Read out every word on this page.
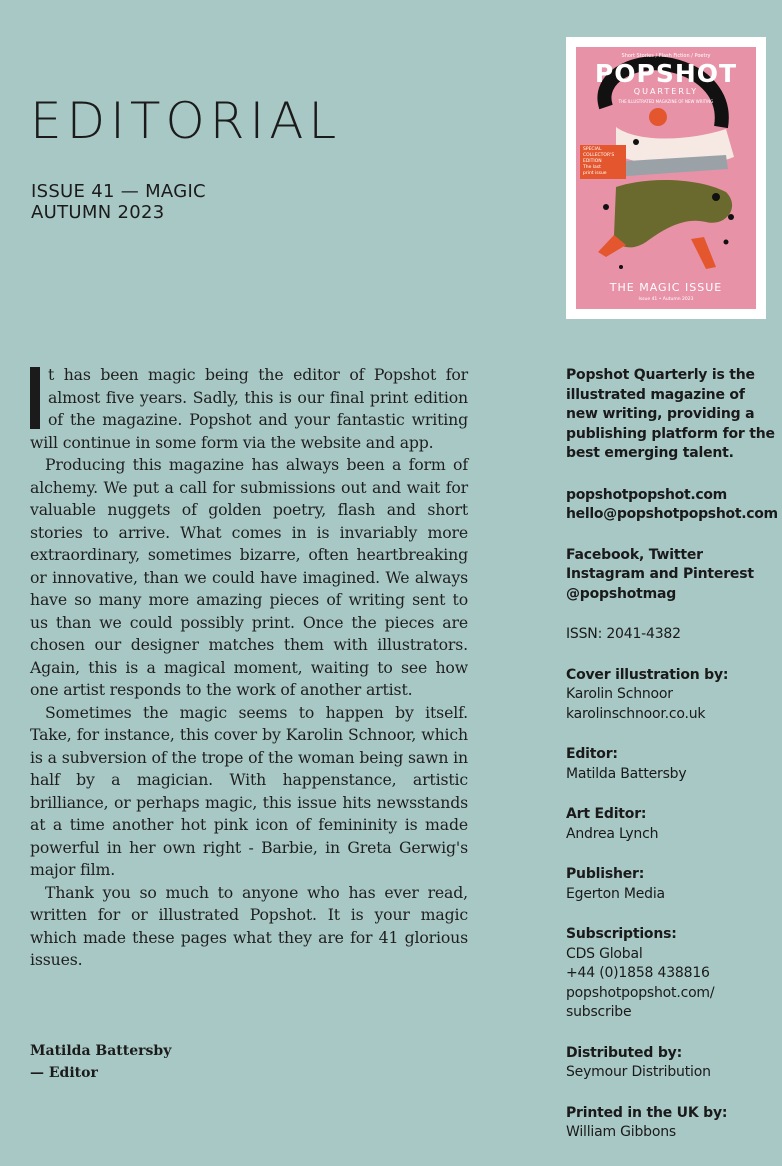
EDITORIAL
ISSUE 41 — MAGIC
AUTUMN 2023
Short Stories / Flash Fiction / Poetry
POPSHOT
QUARTERLY
THE ILLUSTRATED MAGAZINE OF NEW WRITING
SPECIAL
COLLECTOR'S
EDITION
The last
print issue
THE MAGIC ISSUE
Issue 41 • Autumn 2023

t has been magic being the editor of Popshot for almost five years. Sadly, this is our final print edition of the magazine. Popshot and your fantastic writing will continue in some form via the website and app.

Producing this magazine has always been a form of alchemy. We put a call for submissions out and wait for valuable nuggets of golden poetry, flash and short stories to arrive. What comes in is invariably more extraordinary, sometimes bizarre, often heartbreaking or innovative, than we could have imagined. We always have so many more amazing pieces of writing sent to us than we could possibly print. Once the pieces are chosen our designer matches them with illustrators. Again, this is a magical moment, waiting to see how one artist responds to the work of another artist.

Sometimes the magic seems to happen by itself. Take, for instance, this cover by Karolin Schnoor, which is a subversion of the trope of the woman being sawn in half by a magician. With happenstance, artistic brilliance, or perhaps magic, this issue hits newsstands at a time another hot pink icon of femininity is made powerful in her own right - Barbie, in Greta Gerwig's major film.

Thank you so much to anyone who has ever read, written for or illustrated Popshot. It is your magic which made these pages what they are for 41 glorious issues.

Matilda Battersby
— Editor
Popshot Quarterly is the illustrated magazine of new writing, providing a publishing platform for the best emerging talent.
popshotpopshot.com
hello@popshotpopshot.com
Facebook, Twitter
Instagram and Pinterest
@popshotmag
ISSN: 2041-4382
Cover illustration by:
Karolin Schnoor
karolinschnoor.co.uk
Editor:
Matilda Battersby
Art Editor:
Andrea Lynch
Publisher:
Egerton Media
Subscriptions:
CDS Global
+44 (0)1858 438816
popshotpopshot.com/
subscribe
Distributed by:
Seymour Distribution
Printed in the UK by:
William Gibbons
